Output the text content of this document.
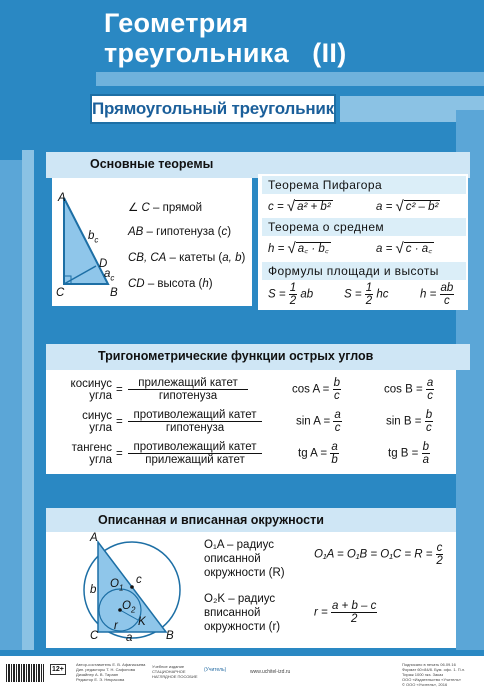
Геометрия
треугольника (II)
Прямоугольный треугольник
Основные теоремы
A
C	B
D
$b_c$
$a_c$
∠ C – прямой
AB – гипотенуза (c)
CB, CA – катеты (a, b)
CD – высота (h)
Теорема Пифагора
c = √ a² + b²	a = √ c² – b²
Теорема о среднем
h = √ a꜀ · b꜀	a = √ c · a꜀
Формулы площади и высоты
$S = \frac{1}{2}$ ab	$S = \frac{1}{2}$ hc	$h = \frac{ab}{c}$
Тригонометрические функции острых углов
косинус
угла = $\frac{\text{прилежащий катет}}{\text{гипотенуза}}$	$\cos A = \frac{b}{c}$	$\cos B = \frac{a}{c}$
синус
угла = $\frac{\text{противолежащий катет}}{\text{гипотенуза}}$	$\sin A = \frac{a}{c}$	$\sin B = \frac{b}{c}$
тангенс
угла = $\frac{\text{противолежащий катет}}{\text{прилежащий катет}}$	tg $A = \frac{a}{b}$	tg $B = \frac{b}{a}$
Описанная и вписанная окружности
A
b
C	B
a
c
K
r
$O_1$
$O_2$
O₁A – радиус
описанной
окружности (R)
$O_1A = O_1B = O_1C = R = \frac{c}{2}$
O₂K – радиус
вписанной
окружности (r)
$r = \frac{a + b - c}{2}$
12+
Автор-составитель Е. В. Афанасьева
Дип. редакторы Т. Н. Сафонова
Дизайнер А. В. Тараян
Редактор Е. Э. Некрасова
Учебное издание
СТАЦИОНАРНОЕ
НАГЛЯДНОЕ ПОСОБИЕ
(Учитель)	www.uchitel-izd.ru
Подписано в печать 06.09.16
Формат 60×84/8. Бум. офс. 1. П.л.
Тираж 1000 экз. Заказ
ООО «Издательство «Учитель»
© ООО «Учитель», 2016
